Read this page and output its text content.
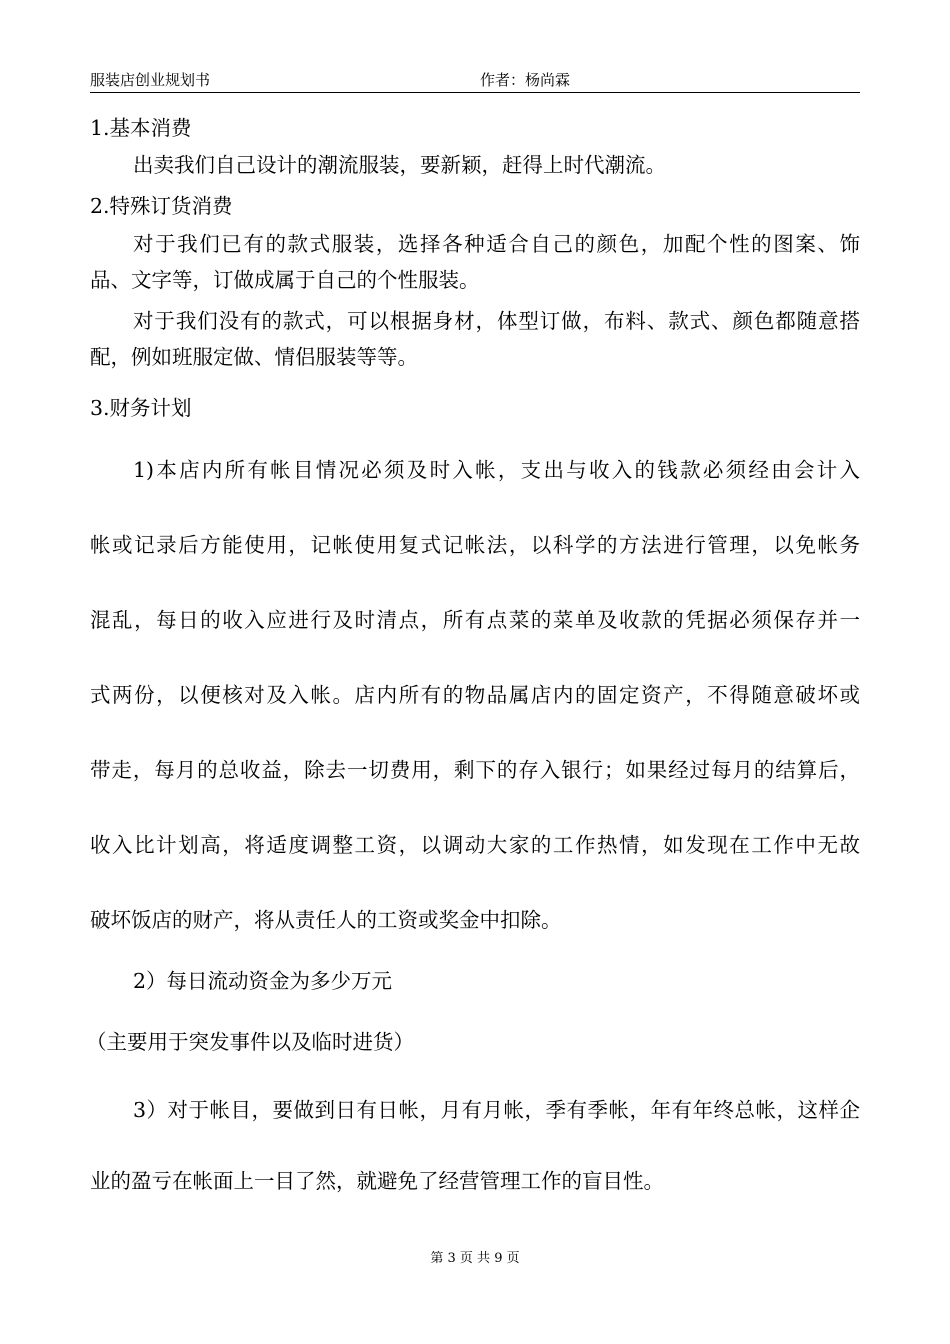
服装店创业规划书	作者：杨尚霖
1.基本消费
出卖我们自己设计的潮流服装，要新颖，赶得上时代潮流。
2.特殊订货消费
对于我们已有的款式服装，选择各种适合自己的颜色，加配个性的图案、饰
品、文字等，订做成属于自己的个性服装。
对于我们没有的款式，可以根据身材，体型订做，布料、款式、颜色都随意搭
配，例如班服定做、情侣服装等等。
3.财务计划
1)本店内所有帐目情况必须及时入帐，支出与收入的钱款必须经由会计入
帐或记录后方能使用，记帐使用复式记帐法，以科学的方法进行管理，以免帐务
混乱，每日的收入应进行及时清点，所有点菜的菜单及收款的凭据必须保存并一
式两份，以便核对及入帐。店内所有的物品属店内的固定资产，不得随意破坏或
带走，每月的总收益，除去一切费用，剩下的存入银行；如果经过每月的结算后，
收入比计划高，将适度调整工资，以调动大家的工作热情，如发现在工作中无故
破坏饭店的财产，将从责任人的工资或奖金中扣除。
2）每日流动资金为多少万元
（主要用于突发事件以及临时进货）
3）对于帐目，要做到日有日帐，月有月帐，季有季帐，年有年终总帐，这样企
业的盈亏在帐面上一目了然，就避免了经营管理工作的盲目性。
第 3 页 共 9 页
